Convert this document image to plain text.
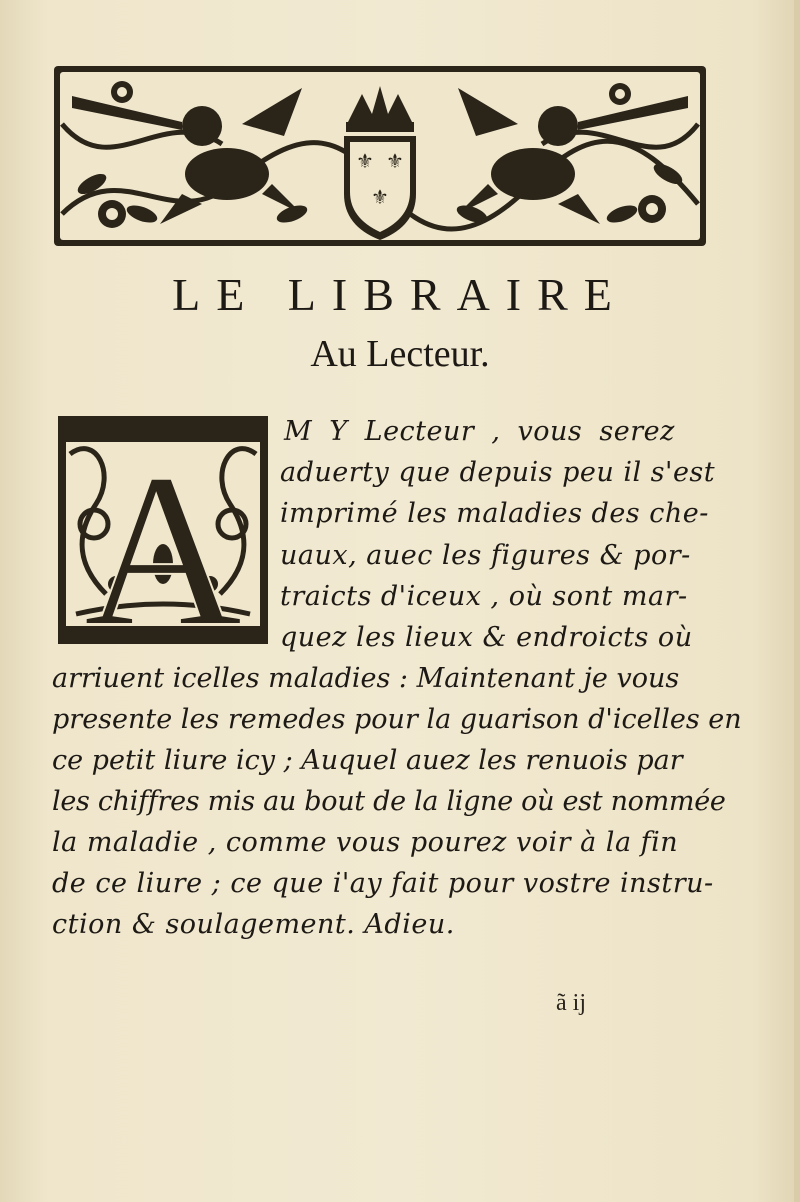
⚜ ⚜
⚜
LE LIBRAIRE
Au Lecteur.
A M Y Lecteur , vous serez
aduerty que depuis peu il s'est
imprimé les maladies des che-
uaux, auec les figures & por-
traicts d'iceux , où sont mar-
quez les lieux & endroicts où
arriuent icelles maladies : Maintenant je vous
presente les remedes pour la guarison d'icelles en
ce petit liure icy ; Auquel auez les renuois par
les chiffres mis au bout de la ligne où est nommée
la maladie , comme vous pourez voir à la fin
de ce liure ; ce que i'ay fait pour vostre instru-
ction & soulagement. Adieu.
ã ij
